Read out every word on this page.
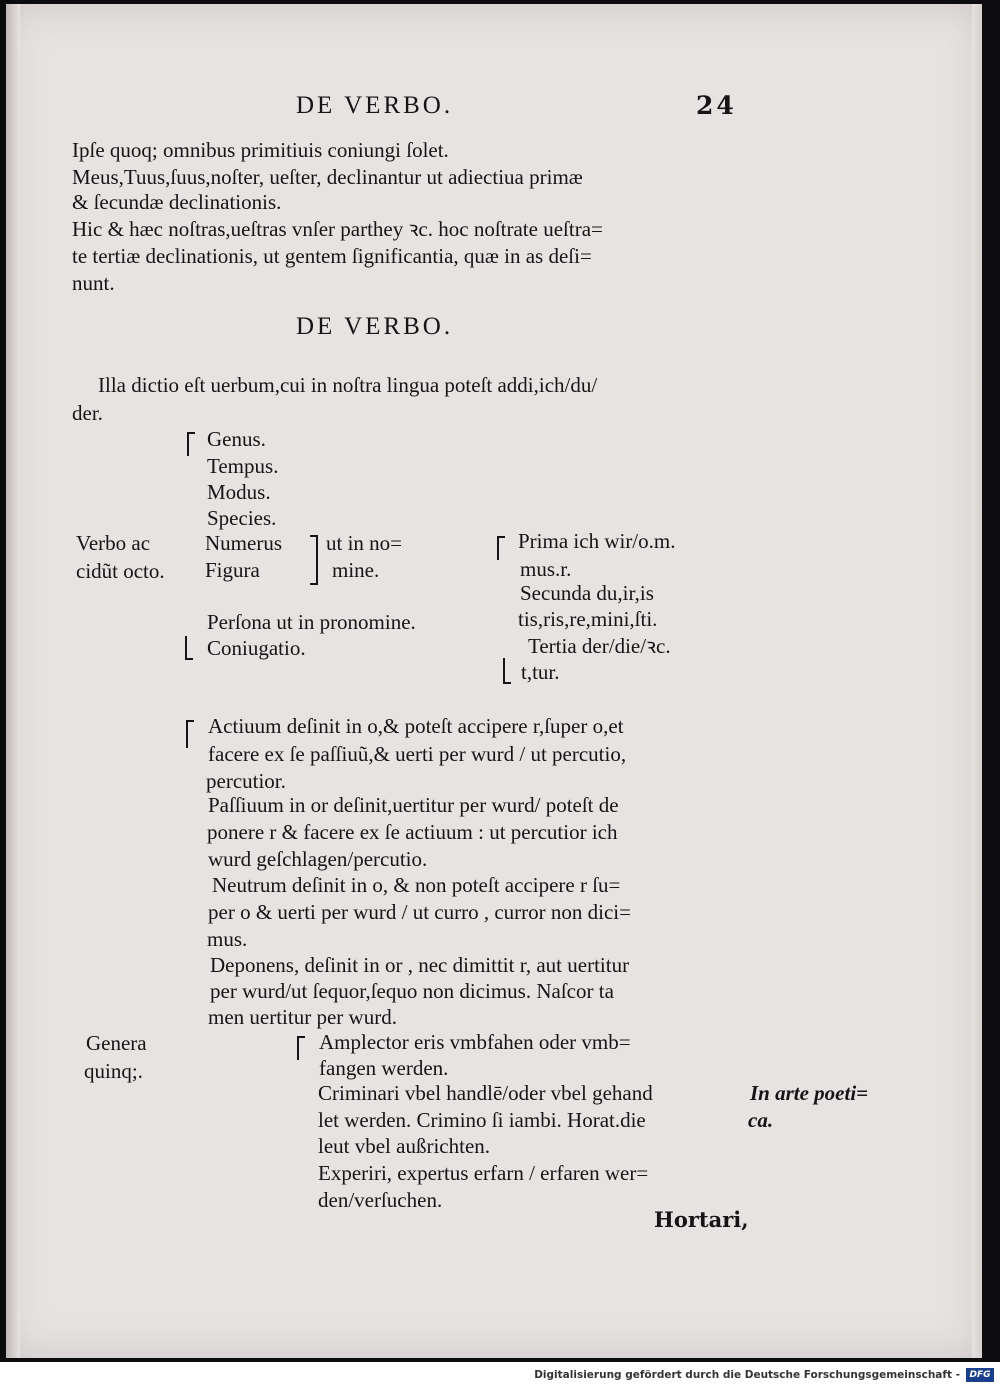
DE VERBO.	24
Ipſe quoq; omnibus primitiuis coniungi ſolet.
Meus,Tuus,ſuus,noſter, ueſter, declinantur ut adiectiua primæ
& ſecundæ declinationis.
Hic & hæc noſtras,ueſtras vnſer parthey ꝛc. hoc noſtrate ueſtra=
te tertiæ declinationis, ut gentem ſignificantia, quæ in as deſi=
nunt.
DE VERBO.
Illa dictio eſt uerbum,cui in noſtra lingua poteſt addi,ich/du/
der.
Genus.
Tempus.
Modus.
Species.
Numerus
Figura
Perſona ut in pronomine.
Coniugatio.
ut in no=
mine.
Verbo ac
cidũt octo.
Prima ich wir/o.m.
mus.r.
Secunda du,ir,is
tis,ris,re,mini,ſti.
Tertia der/die/ꝛc.
t,tur.
Actiuum deſinit in o,& poteſt accipere r,ſuper o,et
facere ex ſe paſſiuũ,& uerti per wurd / ut percutio,
percutior.
Paſſiuum in or deſinit,uertitur per wurd/ poteſt de
ponere r & facere ex ſe actiuum : ut percutior ich
wurd geſchlagen/percutio.
Neutrum deſinit in o, & non poteſt accipere r ſu=
per o & uerti per wurd / ut curro , curror non dici=
mus.
Deponens, deſinit in or , nec dimittit r, aut uertitur
per wurd/ut ſequor,ſequo non dicimus. Naſcor ta
men uertitur per wurd.
Genera
quinq;.
Amplector eris vmbfahen oder vmb=
fangen werden.
Criminari vbel handlē/oder vbel gehand
let werden. Crimino ſi iambi. Horat.die
leut vbel außrichten.
Experiri, expertus erfarn / erfaren wer=
den/verſuchen.
In arte poeti=
ca.
Hortari,
Digitalisierung gefördert durch die Deutsche Forschungsgemeinschaft -	DFG
